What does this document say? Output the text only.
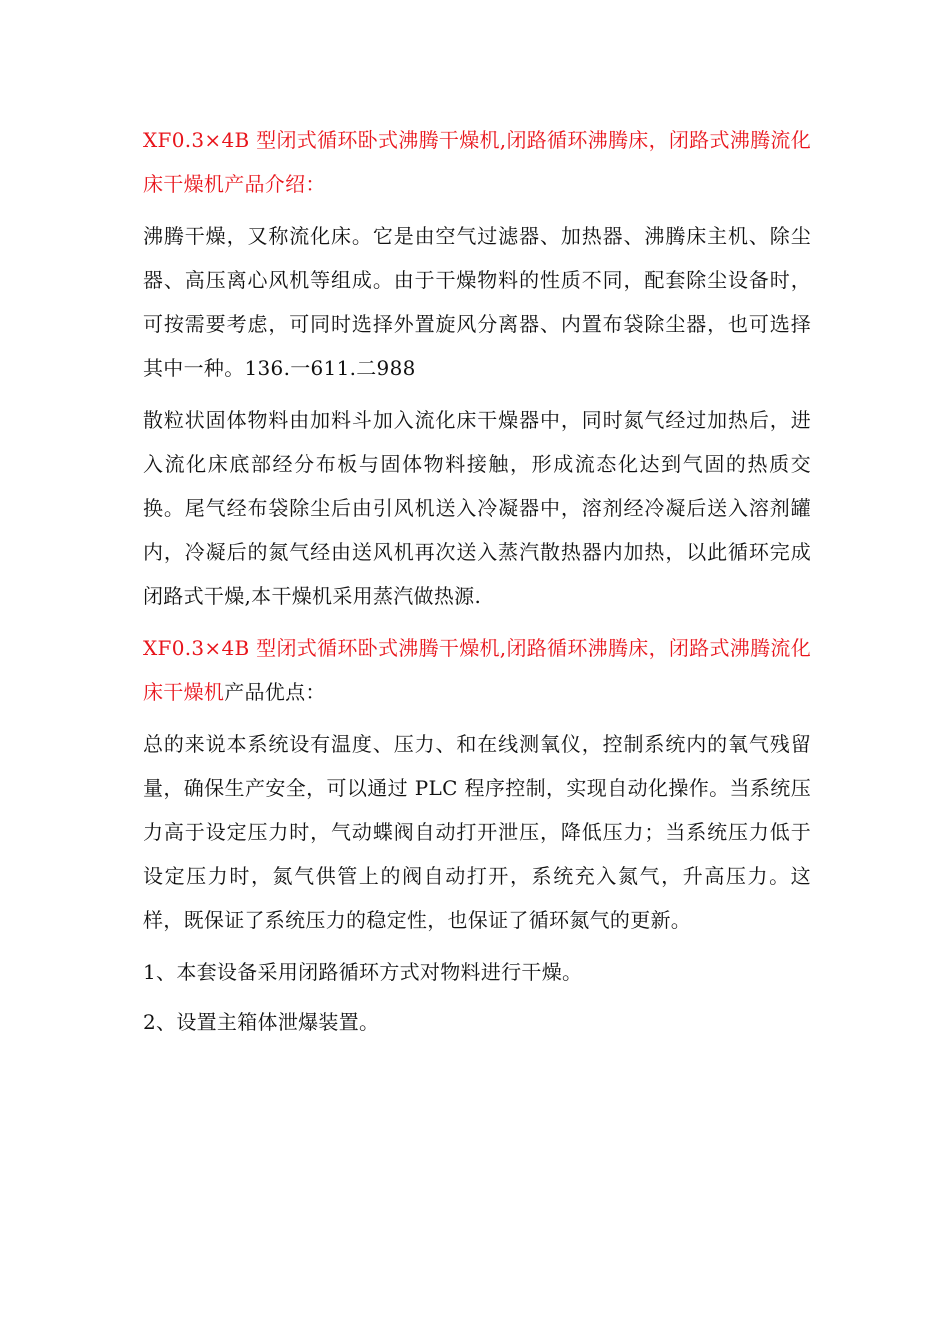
XF0.3×4B 型闭式循环卧式沸腾干燥机,闭路循环沸腾床，闭路式沸腾流化床干燥机产品介绍：

沸腾干燥，又称流化床。它是由空气过滤器、加热器、沸腾床主机、除尘器、高压离心风机等组成。由于干燥物料的性质不同，配套除尘设备时，可按需要考虑，可同时选择外置旋风分离器、内置布袋除尘器，也可选择其中一种。136.一611.二988

散粒状固体物料由加料斗加入流化床干燥器中，同时氮气经过加热后，进入流化床底部经分布板与固体物料接触，形成流态化达到气固的热质交换。尾气经布袋除尘后由引风机送入冷凝器中，溶剂经冷凝后送入溶剂罐内，冷凝后的氮气经由送风机再次送入蒸汽散热器内加热，以此循环完成闭路式干燥,本干燥机采用蒸汽做热源.

XF0.3×4B 型闭式循环卧式沸腾干燥机,闭路循环沸腾床，闭路式沸腾流化床干燥机产品优点：

总的来说本系统设有温度、压力、和在线测氧仪，控制系统内的氧气残留量，确保生产安全，可以通过 PLC 程序控制，实现自动化操作。当系统压力高于设定压力时，气动蝶阀自动打开泄压，降低压力；当系统压力低于设定压力时，氮气供管上的阀自动打开，系统充入氮气，升高压力。这样，既保证了系统压力的稳定性，也保证了循环氮气的更新。

1、本套设备采用闭路循环方式对物料进行干燥。

2、设置主箱体泄爆装置。
